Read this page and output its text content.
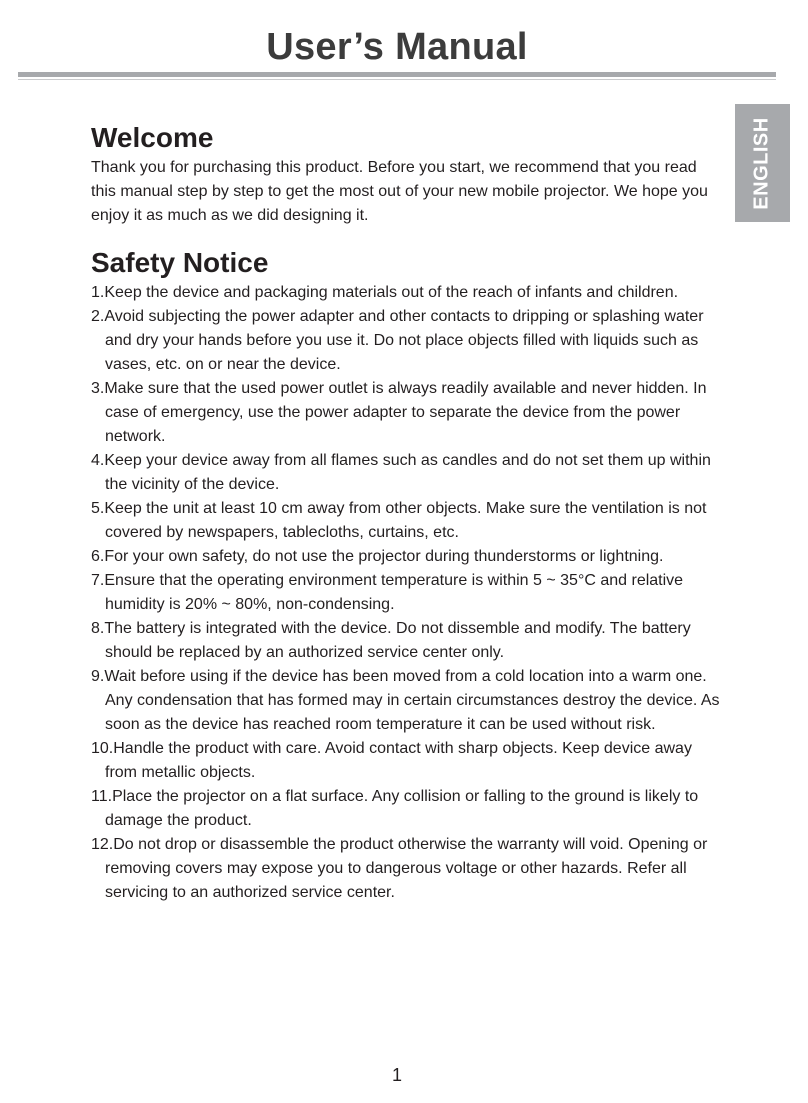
User’s Manual
ENGLISH
Welcome

Thank you for purchasing this product. Before you start, we recommend that you read this manual step by step to get the most out of your new mobile projector. We hope you enjoy it as much as we did designing it.

Safety Notice
1.Keep the device and packaging materials out of the reach of infants and children.
2.Avoid subjecting the power adapter and other contacts to dripping or splashing water and dry your hands before you use it. Do not place objects filled with liquids such as vases, etc. on or near the device.
3.Make sure that the used power outlet is always readily available and never hidden. In case of emergency, use the power adapter to separate the device from the power network.
4.Keep your device away from all flames such as candles and do not set them up within the vicinity of the device.
5.Keep the unit at least 10 cm away from other objects. Make sure the ventilation is not covered by newspapers, tablecloths, curtains, etc.
6.For your own safety, do not use the projector during thunderstorms or lightning.
7.Ensure that the operating environment temperature is within 5 ~ 35°C and relative humidity is 20% ~ 80%, non-condensing.
8.The battery is integrated with the device. Do not dissemble and modify. The battery should be replaced by an authorized service center only.
9.Wait before using if the device has been moved from a cold location into a warm one. Any condensation that has formed may in certain circumstances destroy the device. As soon as the device has reached room temperature it can be used without risk.
10.Handle the product with care. Avoid contact with sharp objects. Keep device away from metallic objects.
11.Place the projector on a flat surface. Any collision or falling to the ground is likely to damage the product.
12.Do not drop or disassemble the product otherwise the warranty will void. Opening or removing covers may expose you to dangerous voltage or other hazards. Refer all servicing to an authorized service center.
1
